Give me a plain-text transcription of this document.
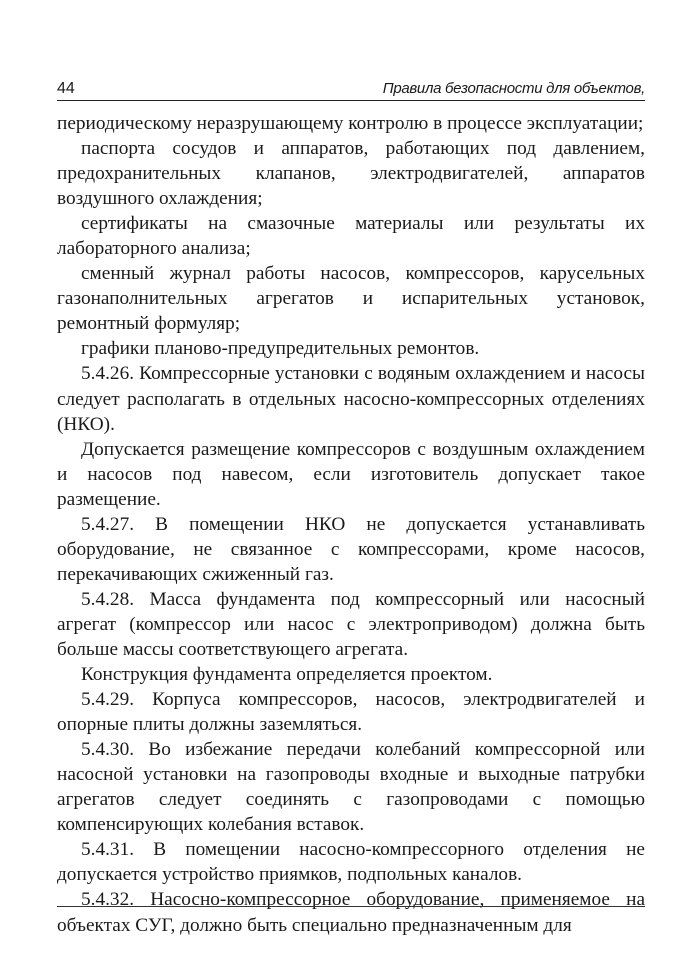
44	Правила безопасности для объектов,

периодическому неразрушающему контролю в процессе эксплуатации;

паспорта сосудов и аппаратов, работающих под давлением, предохранительных клапанов, электродвигателей, аппаратов воздушного охлаждения;

сертификаты на смазочные материалы или результаты их лабораторного анализа;

сменный журнал работы насосов, компрессоров, карусельных газонаполнительных агрегатов и испарительных установок, ремонтный формуляр;

графики планово-предупредительных ремонтов.

5.4.26. Компрессорные установки с водяным охлаждением и насосы следует располагать в отдельных насосно-компрессорных отделениях (НКО).

Допускается размещение компрессоров с воздушным охлаждением и насосов под навесом, если изготовитель допускает такое размещение.

5.4.27. В помещении НКО не допускается устанавливать оборудование, не связанное с компрессорами, кроме насосов, перекачивающих сжиженный газ.

5.4.28. Масса фундамента под компрессорный или насосный агрегат (компрессор или насос с электроприводом) должна быть больше массы соответствующего агрегата.

Конструкция фундамента определяется проектом.

5.4.29. Корпуса компрессоров, насосов, электродвигателей и опорные плиты должны заземляться.

5.4.30. Во избежание передачи колебаний компрессорной или насосной установки на газопроводы входные и выходные патрубки агрегатов следует соединять с газопроводами с помощью компенсирующих колебания вставок.

5.4.31. В помещении насосно-компрессорного отделения не допускается устройство приямков, подпольных каналов.

5.4.32. Насосно-компрессорное оборудование, применяемое на объектах СУГ, должно быть специально предназначенным для
